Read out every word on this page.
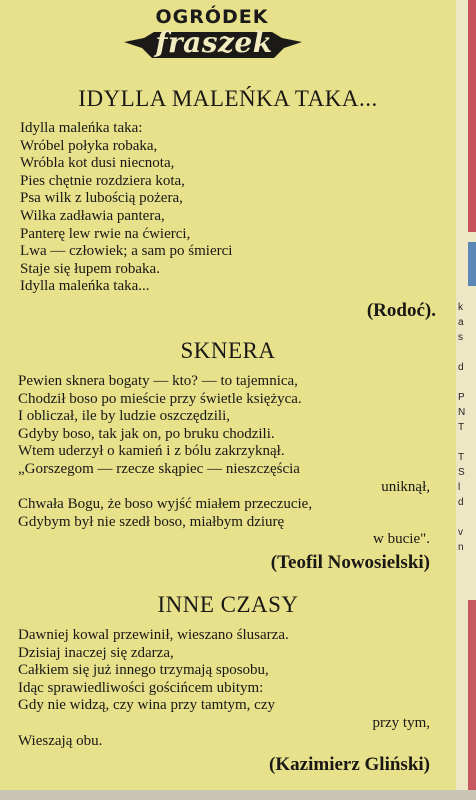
OGRÓDEK
fraszek
IDYLLA MALEŃKA TAKA...
Idylla maleńka taka:
Wróbel połyka robaka,
Wróbla kot dusi niecnota,
Pies chętnie rozdziera kota,
Psa wilk z lubością pożera,
Wilka zadławia pantera,
Panterę lew rwie na ćwierci,
Lwa — człowiek; a sam po śmierci
Staje się łupem robaka.
Idylla maleńka taka...
(Rodoć).
SKNERA
Pewien sknera bogaty — kto? — to tajemnica,
Chodził boso po mieście przy świetle księżyca.
I obliczał, ile by ludzie oszczędzili,
Gdyby boso, tak jak on, po bruku chodzili.
Wtem uderzył o kamień i z bólu zakrzyknął.
„Gorszegom — rzecze skąpiec — nieszczęścia
uniknął,
Chwała Bogu, że boso wyjść miałem przeczucie,
Gdybym był nie szedł boso, miałbym dziurę
w bucie".
(Teofil Nowosielski)
INNE CZASY
Dawniej kowal przewinił, wieszano ślusarza.
Dzisiaj inaczej się zdarza,
Całkiem się już innego trzymają sposobu,
Idąc sprawiedliwości gościńcem ubitym:
Gdy nie widzą, czy wina przy tamtym, czy
przy tym,
Wieszają obu.
(Kazimierz Gliński)
k
a
s

d

P
N
T

T
S
l
d

v
n
